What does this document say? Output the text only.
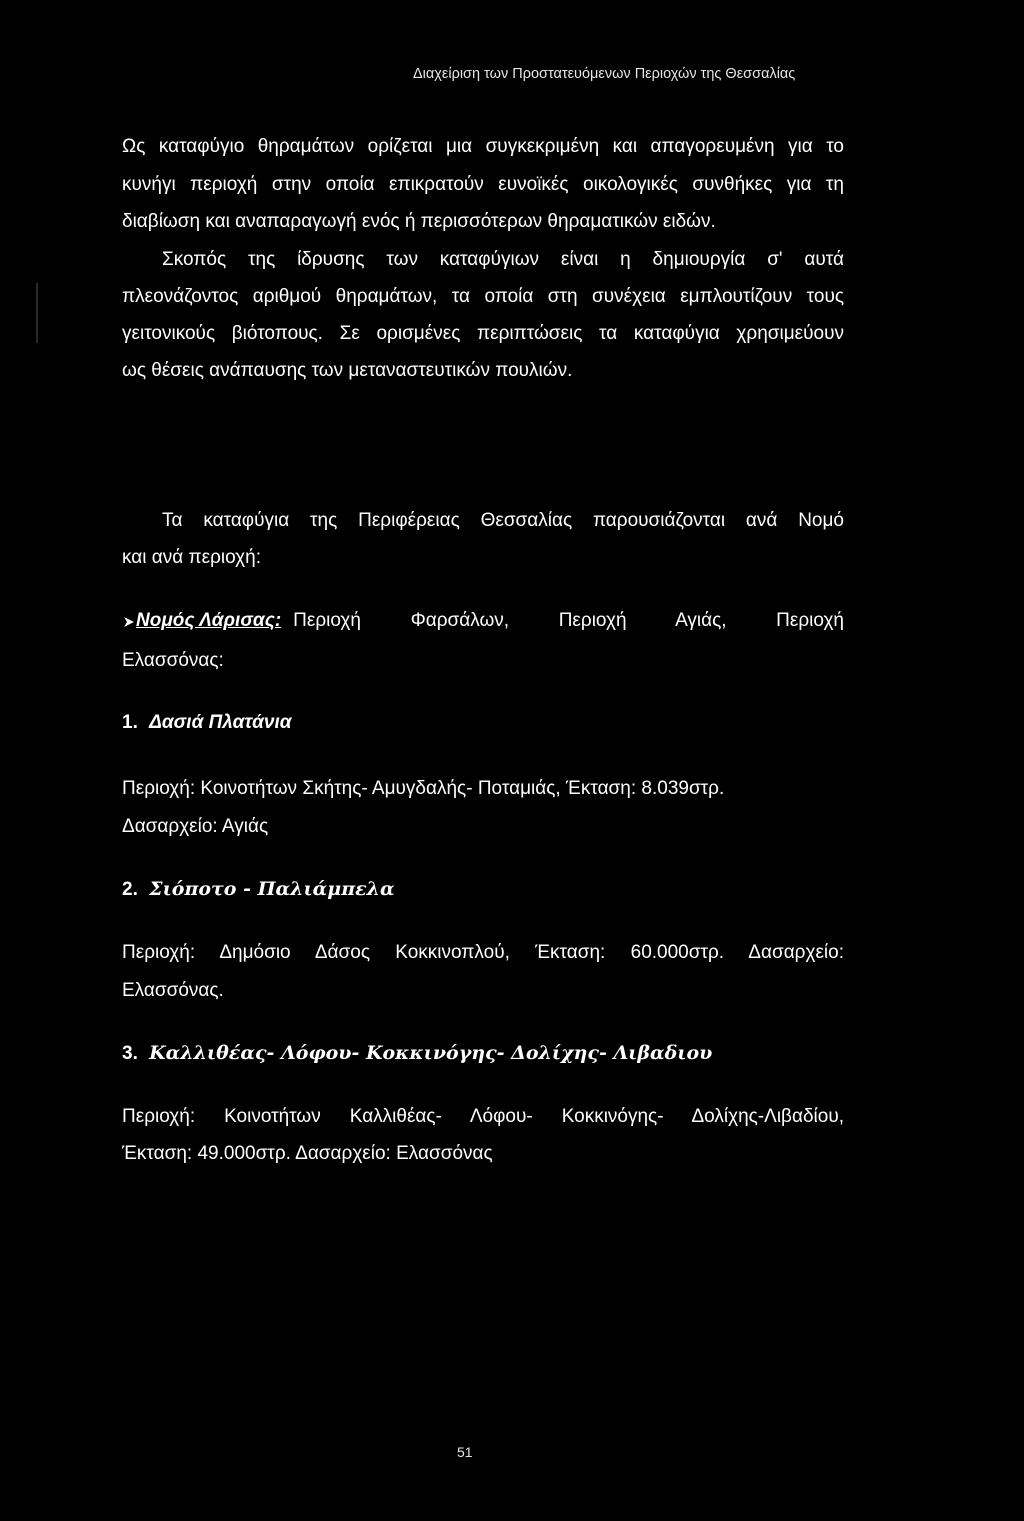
Διαχείριση των Προστατευόμενων Περιοχών της Θεσσαλίας
Ως καταφύγιο θηραμάτων ορίζεται μια συγκεκριμένη και απαγορευμένη για το
κυνήγι περιοχή στην οποία επικρατούν ευνοϊκές οικολογικές συνθήκες για τη
διαβίωση και αναπαραγωγή ενός ή περισσότερων θηραματικών ειδών.
Σκοπός της ίδρυσης των καταφύγιων είναι η δημιουργία σ' αυτά
πλεονάζοντος αριθμού θηραμάτων, τα οποία στη συνέχεια εμπλουτίζουν τους
γειτονικούς βιότοπους. Σε ορισμένες περιπτώσεις τα καταφύγια χρησιμεύουν
ως θέσεις ανάπαυσης των μεταναστευτικών πουλιών.
Τα καταφύγια της Περιφέρειας Θεσσαλίας παρουσιάζονται ανά Νομό
και ανά περιοχή:
Νομός Λάρισας: Περιοχή Φαρσάλων, Περιοχή Αγιάς, Περιοχή
Ελασσόνας:
1. Δασιά Πλατάνια
Περιοχή: Κοινοτήτων Σκήτης- Αμυγδαλής- Ποταμιάς, Έκταση: 8.039στρ.
Δασαρχείο: Αγιάς
2. Σιόποτο - Παλιάμπελα
Περιοχή: Δημόσιο Δάσος Κοκκινοπλού, Έκταση: 60.000στρ. Δασαρχείο:
Ελασσόνας.
3. Καλλιθέας- Λόφου- Κοκκινόγης- Δολίχης- Λιβαδιου
Περιοχή: Κοινοτήτων Καλλιθέας- Λόφου- Κοκκινόγης- Δολίχης-Λιβαδίου,
Έκταση: 49.000στρ. Δασαρχείο: Ελασσόνας
51
